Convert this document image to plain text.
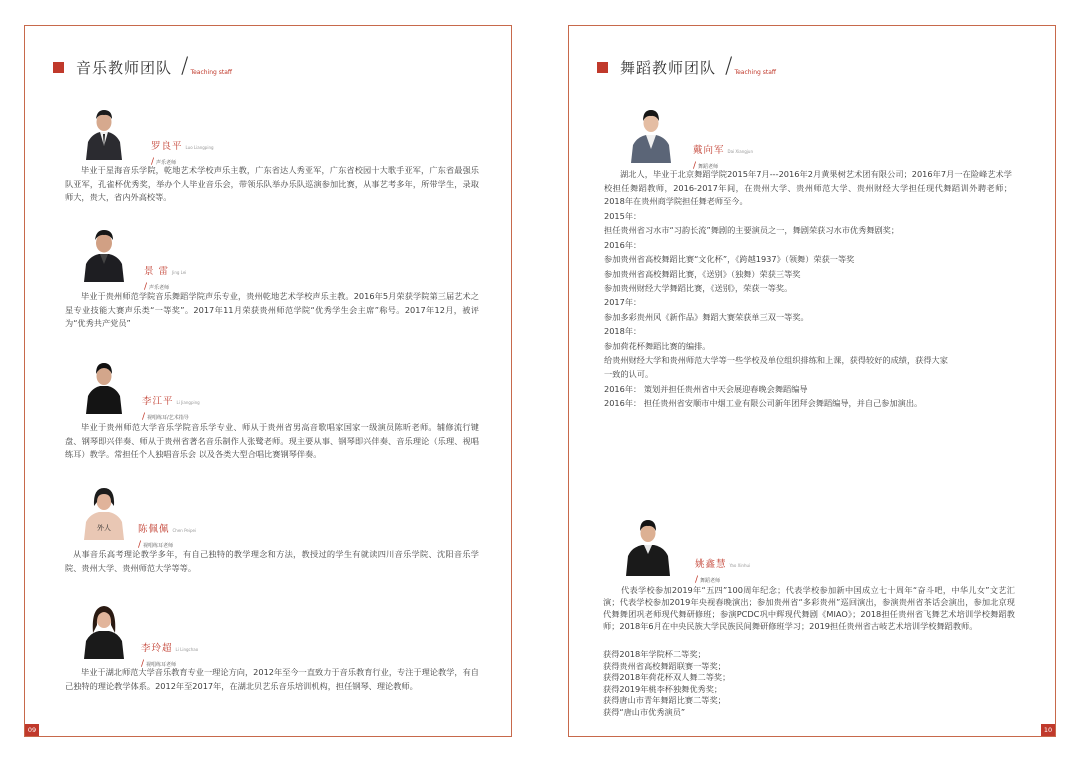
音乐教师团队 / Teaching staff
罗良平 Luo Liangping
/ 声乐老师
毕业于星海音乐学院，乾地艺术学校声乐主教，广东省达人秀亚军，广东省校园十大歌手亚军，广东省最强乐队亚军，孔雀杯优秀奖，举办个人毕业音乐会，带领乐队举办乐队巡演参加比赛，从事艺考多年，所带学生，录取师大，贵大，省内外高校等。
景 雷 Jing Lei
/ 声乐老师
毕业于贵州师范学院音乐舞蹈学院声乐专业，贵州乾地艺术学校声乐主教。2016年5月荣获学院第三届艺术之星专业技能大赛声乐类“一等奖”。2017年11月荣获贵州师范学院“优秀学生会主席”称号。2017年12月，被评为“优秀共产党员”
李江平 Li Jiangping
/ 视唱练耳/艺术指导
毕业于贵州师范大学音乐学院音乐学专业、师从于贵州省男高音歌唱家国家一级演员陈昕老师。辅修流行键盘、钢琴即兴伴奏、师从于贵州省著名音乐制作人张鹭老师。现主要从事、钢琴即兴伴奏、音乐理论（乐理、视唱练耳）教学。常担任个人独唱音乐会 以及各类大型合唱比赛钢琴伴奏。
外人	陈佩佩 Chen Peipei
/ 视唱练耳老师
从事音乐高考理论教学多年，有自己独特的教学理念和方法，教授过的学生有就读四川音乐学院、沈阳音乐学院、贵州大学、贵州师范大学等等。
李玲超 Li Lingchao
/ 视唱练耳老师
毕业于湖北师范大学音乐教育专业一理论方向，2012年至今一直致力于音乐教育行业，专注于理论教学，有自己独特的理论教学体系。2012年至2017年，在湖北贝艺乐音乐培训机构，担任钢琴、理论教师。
09
舞蹈教师团队 / Teaching staff
戴向军 Dai Xiangjun
/ 舞蹈老师
湖北人，毕业于北京舞蹈学院2015年7月---2016年2月黄果树艺术团有限公司；2016年7月一在险峰艺术学校担任舞蹈教师，2016-2017年间，在贵州大学、贵州师范大学、贵州财经大学担任现代舞蹈训外聘老师；2018年在贵州商学院担任舞老师至今。
2015年：
担任贵州省习水市“习韵长流”舞剧的主要演员之一，舞剧荣获习水市优秀舞剧奖；
2016年：
参加贵州省高校舞蹈比赛“文化杯”，《跨越1937》（领舞）荣获一等奖
参加贵州省高校舞蹈比赛，《送别》（独舞）荣获三等奖
参加贵州财经大学舞蹈比赛，《送别》，荣获一等奖。
2017年：
参加多彩贵州风《新作品》舞蹈大赛荣获单三双一等奖。
2018年：
参加荷花杯舞蹈比赛的编排。
给贵州财经大学和贵州师范大学等一些学校及单位组织排练和上课，获得较好的成绩，获得大家
一致的认可。
2016年： 策划并担任贵州省中天会展迎春晚会舞蹈编导
2016年： 担任贵州省安顺市中烟工业有限公司新年团拜会舞蹈编导，并自己参加演出。
姚鑫慧 Yao Xinhui
/ 舞蹈老师
代表学校参加2019年“五四”100周年纪念；代表学校参加新中国成立七十周年“奋斗吧，中华儿女”文艺汇演；代表学校参加2019年央视春晚演出；参加贵州省“多彩贵州”巡回演出，参演贵州省茶话会演出，参加北京现代舞舞团巩老师现代舞研修班；参演PCDC巩中辉现代舞剧《MIAO》；2018担任贵州省飞舞艺术培训学校舞蹈教师；2018年6月在中央民族大学民族民间舞研修班学习；2019担任贵州省古岐艺术培训学校舞蹈教师。
获得2018年学院杯二等奖；
获得贵州省高校舞蹈联赛一等奖；
获得2018年荷花杯双人舞二等奖；
获得2019年桃李杯独舞优秀奖；
获得唐山市青年舞蹈比赛二等奖；
获得“唐山市优秀演员”
10
